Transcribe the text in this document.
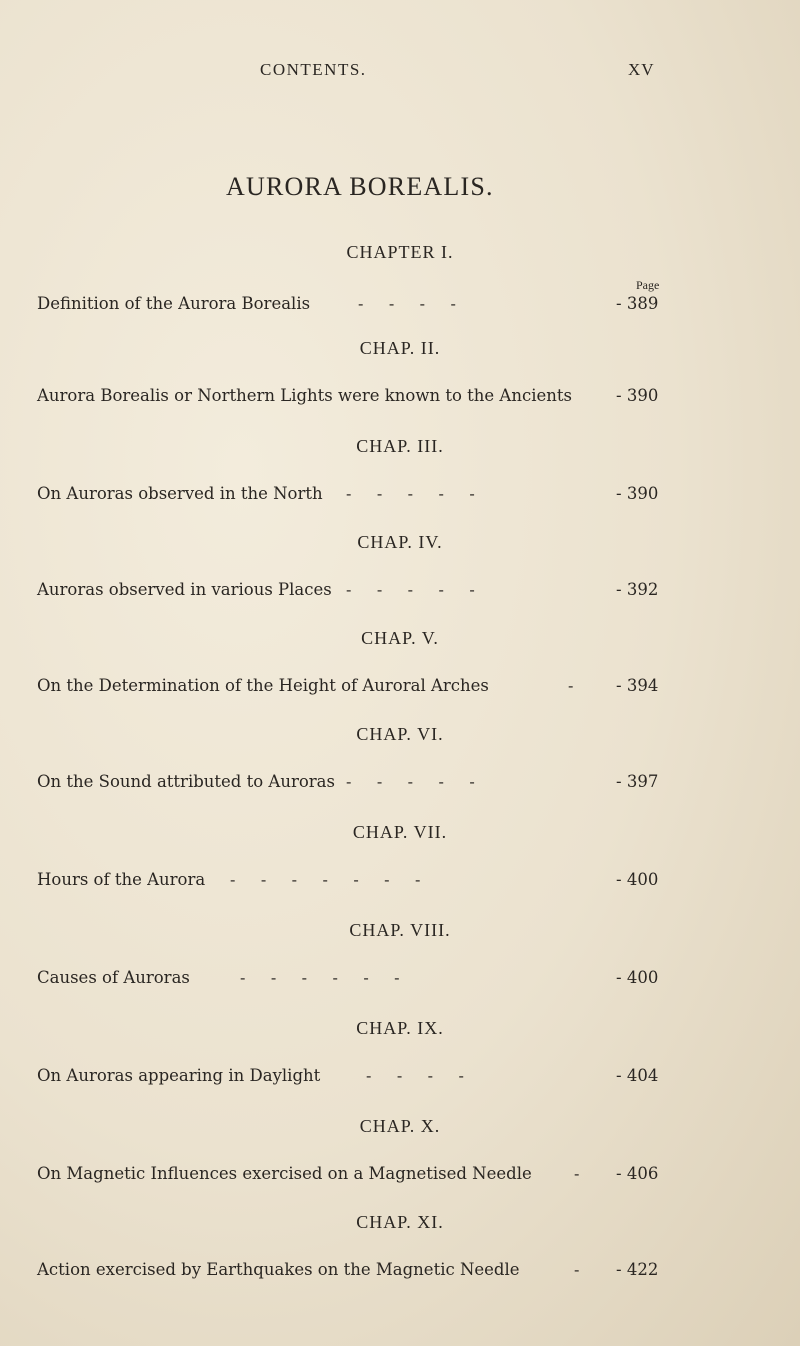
CONTENTS.	XV
AURORA BOREALIS.
Page
CHAPTER I.
Definition of the Aurora Borealis	-     -     -     -	- 389
CHAP. II.
Aurora Borealis or Northern Lights were known to the Ancients	- 390
CHAP. III.
On Auroras observed in the North -     -     -     -     -	- 390
CHAP. IV.
Auroras observed in various Places -     -     -     -     -	- 392
CHAP. V.
On the Determination of the Height of Auroral Arches	-	- 394
CHAP. VI.
On the Sound attributed to Auroras -     -     -     -     -	- 397
CHAP. VII.
Hours of the Aurora -     -     -     -     -     -     -	- 400
CHAP. VIII.
Causes of Auroras	-     -     -     -     -     -	- 400
CHAP. IX.
On Auroras appearing in Daylight	-     -     -     -	- 404
CHAP. X.
On Magnetic Influences exercised on a Magnetised Needle	- - 406
CHAP. XI.
Action exercised by Earthquakes on the Magnetic Needle	- - 422
